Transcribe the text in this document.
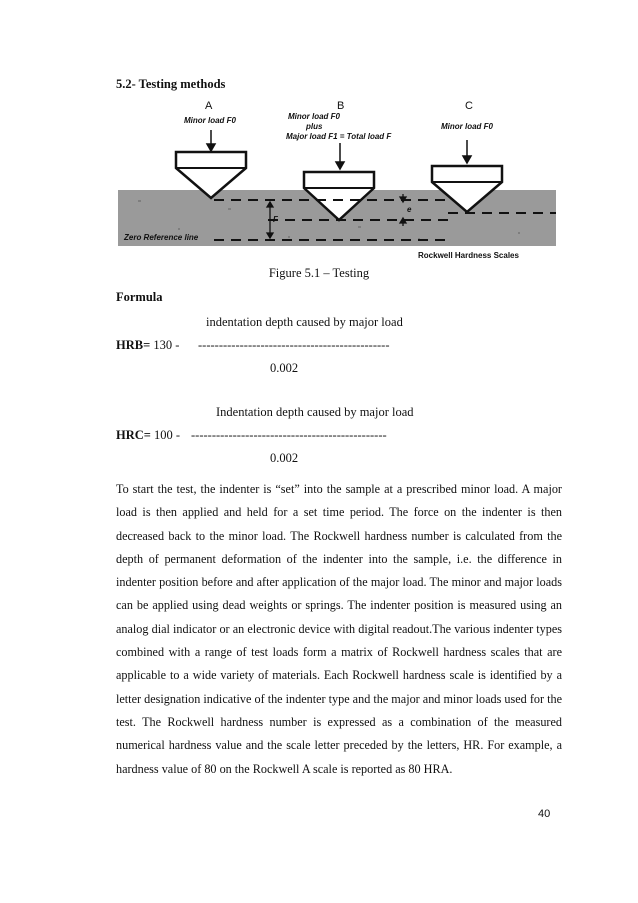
5.2- Testing methods
A
Minor load F0
B
Minor load F0
plus
Major load F1 = Total load F
C
Minor load F0
F
e
Zero Reference line
Rockwell Hardness Scales
Figure 5.1 – Testing
Formula
indentation depth caused by major load
HRB= 130 - ----------------------------------------------
0.002
Indentation depth caused by major load
HRC= 100 - -----------------------------------------------
0.002
To start the test, the indenter is “set” into the sample at a prescribed minor load. A major load is then applied and held for a set time period. The force on the indenter is then decreased back to the minor load. The Rockwell hardness number is calculated from the depth of permanent deformation of the indenter into the sample, i.e. the difference in indenter position before and after application of the major load. The minor and major loads can be applied using dead weights or springs. The indenter position is measured using an analog dial indicator or an electronic device with digital readout.The various indenter types combined with a range of test loads form a matrix of Rockwell hardness scales that are applicable to a wide variety of materials. Each Rockwell hardness scale is identified by a letter designation indicative of the indenter type and the major and minor loads used for the test. The Rockwell hardness number is expressed as a combination of the measured numerical hardness value and the scale letter preceded by the letters, HR. For example, a hardness value of 80 on the Rockwell A scale is reported as 80 HRA.
40
